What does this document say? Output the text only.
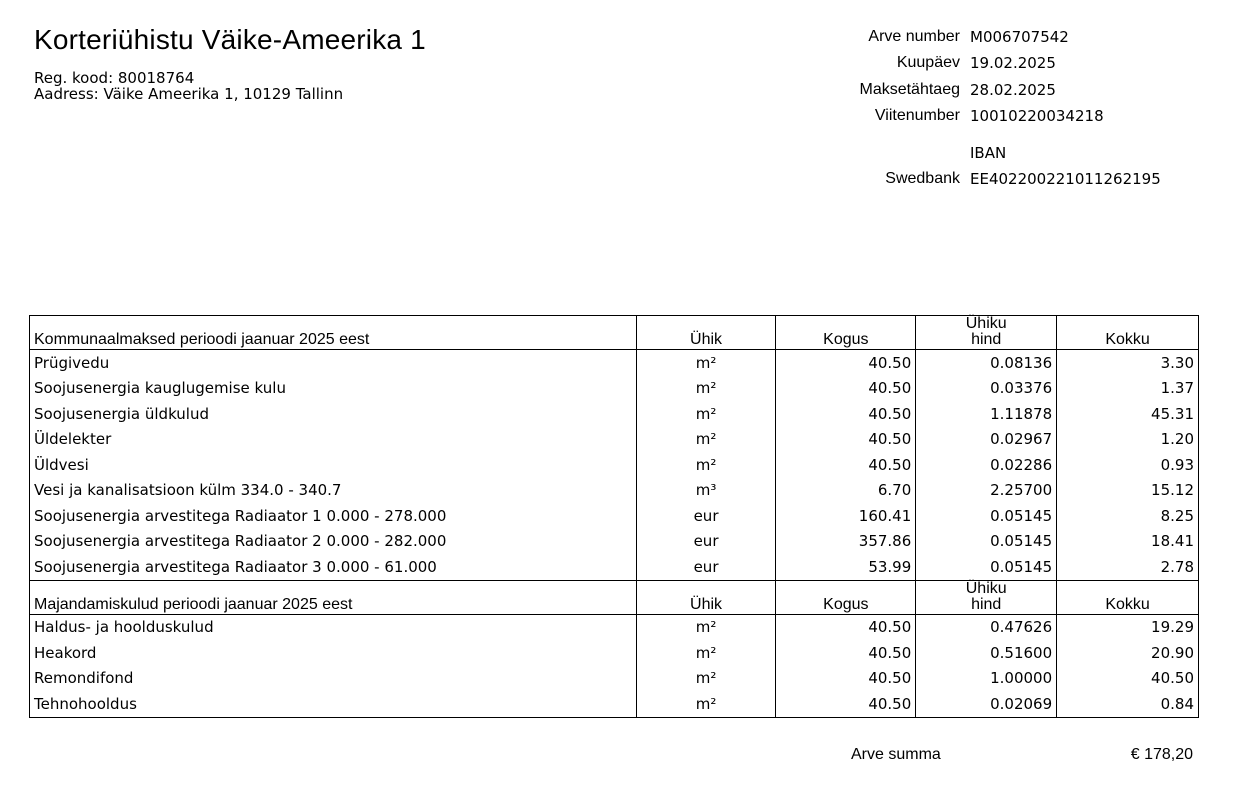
Korteriühistu Väike-Ameerika 1
Reg. kood: 80018764
Aadress: Väike Ameerika 1, 10129 Tallinn
Arve number M006707542
Kuupäev 19.02.2025
Maksetähtaeg 28.02.2025
Viitenumber 10010220034218
IBAN
Swedbank EE402200221011262195
Kommunaalmaksed perioodi jaanuar 2025 eest	Ühik	Kogus	Ühiku
hind	Kokku
Prügivedu	m²	40.50	0.08136	3.30
Soojusenergia kauglugemise kulu	m²	40.50	0.03376	1.37
Soojusenergia üldkulud	m²	40.50	1.11878	45.31
Üldelekter	m²	40.50	0.02967	1.20
Üldvesi	m²	40.50	0.02286	0.93
Vesi ja kanalisatsioon külm 334.0 - 340.7	m³	6.70	2.25700	15.12
Soojusenergia arvestitega Radiaator 1 0.000 - 278.000	eur	160.41	0.05145	8.25
Soojusenergia arvestitega Radiaator 2 0.000 - 282.000	eur	357.86	0.05145	18.41
Soojusenergia arvestitega Radiaator 3 0.000 - 61.000	eur	53.99	0.05145	2.78
Majandamiskulud perioodi jaanuar 2025 eest	Ühik	Kogus	Ühiku
hind	Kokku
Haldus- ja hoolduskulud	m²	40.50	0.47626	19.29
Heakord	m²	40.50	0.51600	20.90
Remondifond	m²	40.50	1.00000	40.50
Tehnohooldus	m²	40.50	0.02069	0.84
Arve summa	€ 178,20
